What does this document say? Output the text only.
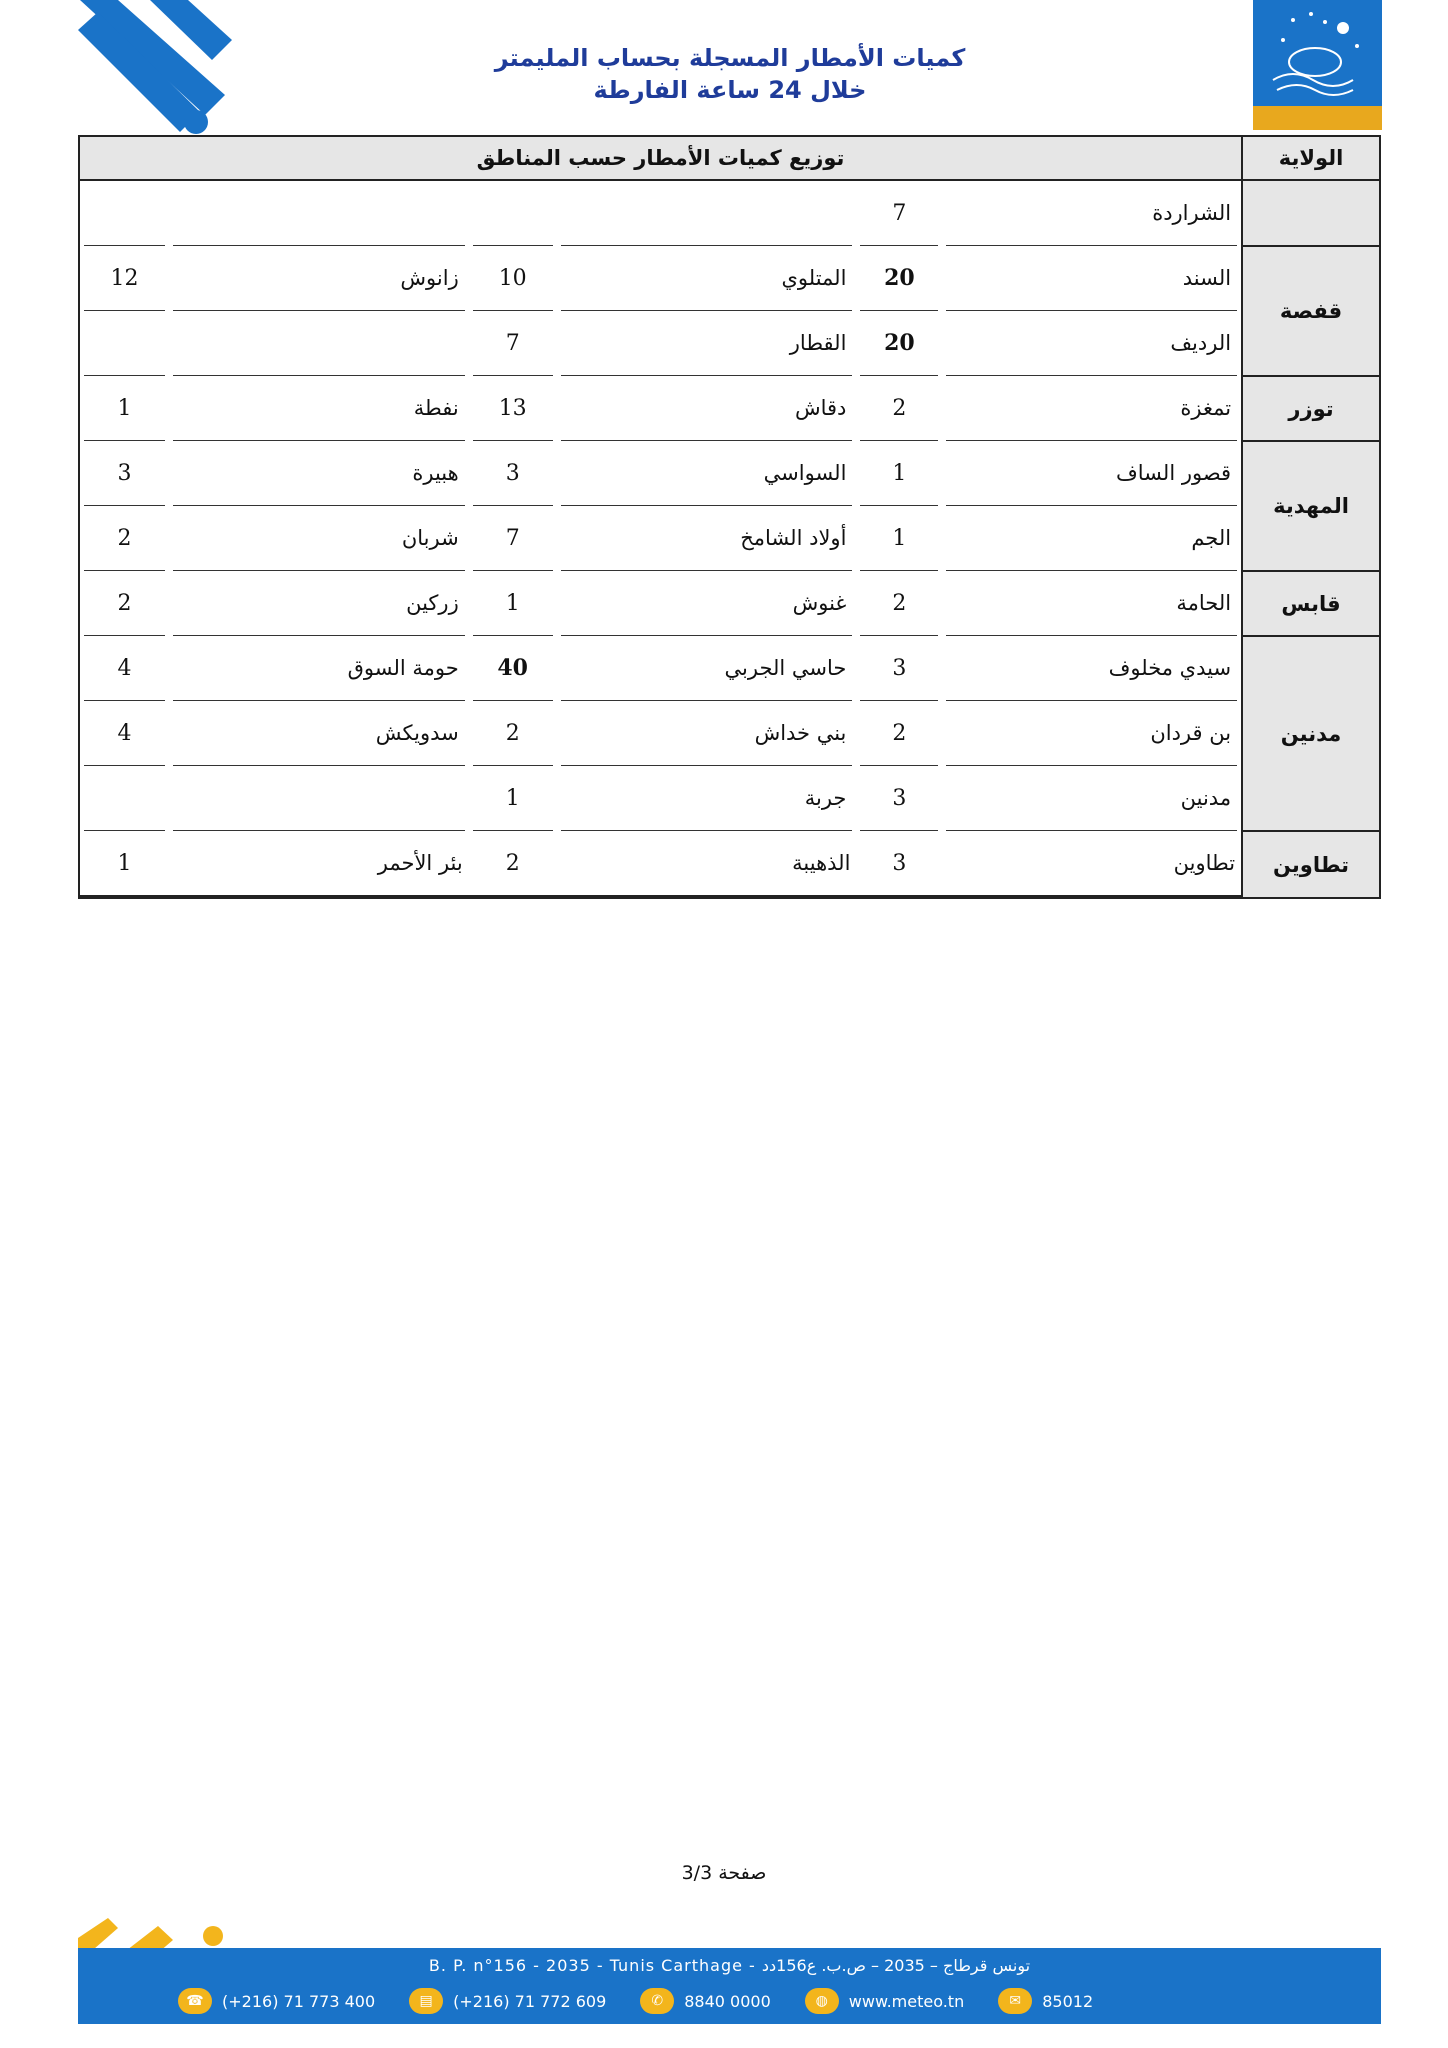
كميات الأمطار المسجلة بحساب المليمتر
خلال 24 ساعة الفارطة
الولاية	توزيع كميات الأمطار حسب المناطق					

الشراردة	7				

قفصة	السند	20	المتلوي	10	زانوش	12

الرديف	20	القطار	7		

توزر	تمغزة	2	دقاش	13	نفطة	1

المهدية	قصور الساف	1	السواسي	3	هبيرة	3

الجم	1	أولاد الشامخ	7	شربان	2

قابس	الحامة	2	غنوش	1	زركين	2

مدنين	سيدي مخلوف	3	حاسي الجربي	40	حومة السوق	4

بن قردان	2	بني خداش	2	سدويكش	4

مدنين	3	جربة	1		

تطاوين	تطاوين	3	الذهيبة	2	بئر الأحمر	1
صفحة 3/3
B. P. n°156 - 2035 - Tunis Carthage - تونس قرطاج – 2035 – ص.ب. ع156دد
☎	(+216) 71 773 400	▤	(+216) 71 772 609	✆	8840 0000	◍	www.meteo.tn	✉	85012
